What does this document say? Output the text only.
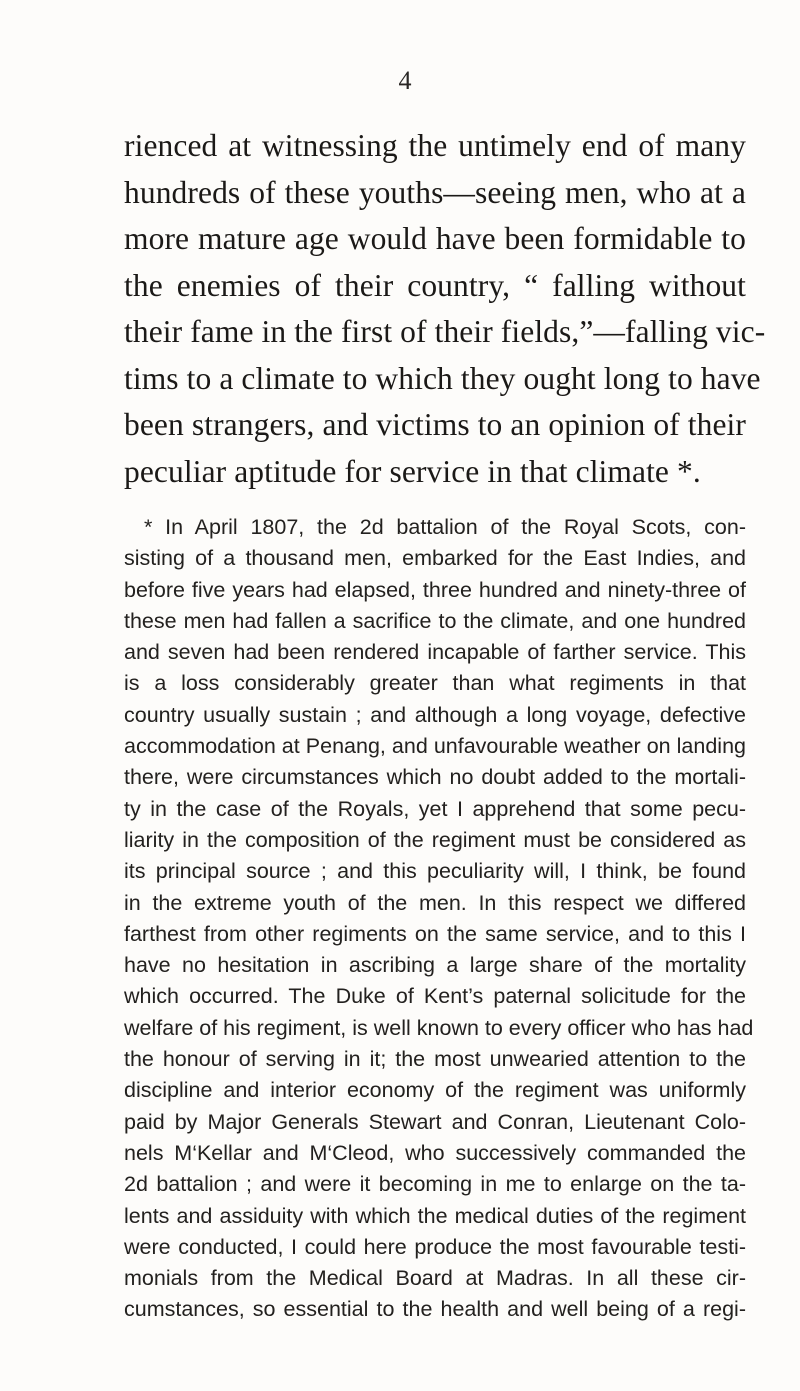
4

rienced at witnessing the untimely end of many
hundreds of these youths—seeing men, who at a
more mature age would have been formidable to
the enemies of their country, “ falling without
their fame in the first of their fields,”—falling vic-
tims to a climate to which they ought long to have
been strangers, and victims to an opinion of their
peculiar aptitude for service in that climate *.

* In April 1807, the 2d battalion of the Royal Scots, con-
sisting of a thousand men, embarked for the East Indies, and
before five years had elapsed, three hundred and ninety-three of
these men had fallen a sacrifice to the climate, and one hundred
and seven had been rendered incapable of farther service. This
is a loss considerably greater than what regiments in that
country usually sustain ; and although a long voyage, defective
accommodation at Penang, and unfavourable weather on landing
there, were circumstances which no doubt added to the mortali-
ty in the case of the Royals, yet I apprehend that some pecu-
liarity in the composition of the regiment must be considered as
its principal source ; and this peculiarity will, I think, be found
in the extreme youth of the men. In this respect we differed
farthest from other regiments on the same service, and to this I
have no hesitation in ascribing a large share of the mortality
which occurred. The Duke of Kent’s paternal solicitude for the
welfare of his regiment, is well known to every officer who has had
the honour of serving in it; the most unwearied attention to the
discipline and interior economy of the regiment was uniformly
paid by Major Generals Stewart and Conran, Lieutenant Colo-
nels M‘Kellar and M‘Cleod, who successively commanded the
2d battalion ; and were it becoming in me to enlarge on the ta-
lents and assiduity with which the medical duties of the regiment
were conducted, I could here produce the most favourable testi-
monials from the Medical Board at Madras. In all these cir-
cumstances, so essential to the health and well being of a regi-
